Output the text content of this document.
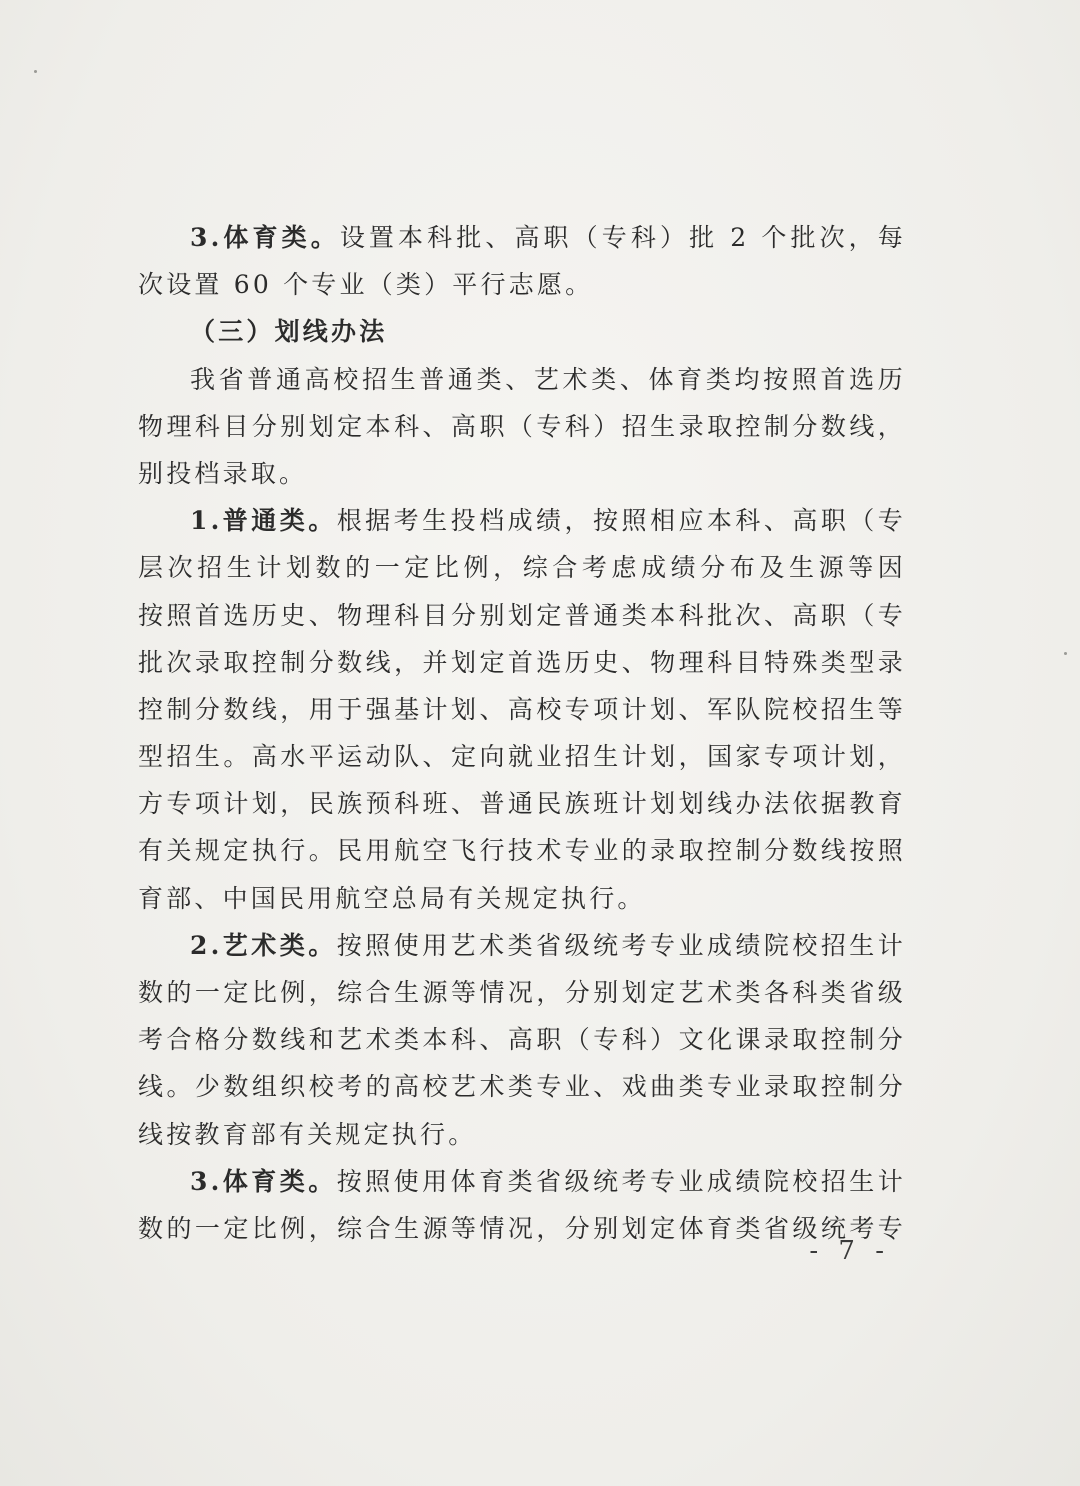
3.体育类。设置本科批、高职（专科）批 2 个批次，每
次设置 60 个专业（类）平行志愿。
（三）划线办法
我省普通高校招生普通类、艺术类、体育类均按照首选历
物理科目分别划定本科、高职（专科）招生录取控制分数线，
别投档录取。
1.普通类。根据考生投档成绩，按照相应本科、高职（专
层次招生计划数的一定比例，综合考虑成绩分布及生源等因
按照首选历史、物理科目分别划定普通类本科批次、高职（专
批次录取控制分数线，并划定首选历史、物理科目特殊类型录
控制分数线，用于强基计划、高校专项计划、军队院校招生等
型招生。高水平运动队、定向就业招生计划，国家专项计划，
方专项计划，民族预科班、普通民族班计划划线办法依据教育
有关规定执行。民用航空飞行技术专业的录取控制分数线按照
育部、中国民用航空总局有关规定执行。
2.艺术类。按照使用艺术类省级统考专业成绩院校招生计
数的一定比例，综合生源等情况，分别划定艺术类各科类省级
考合格分数线和艺术类本科、高职（专科）文化课录取控制分
线。少数组织校考的高校艺术类专业、戏曲类专业录取控制分
线按教育部有关规定执行。
3.体育类。按照使用体育类省级统考专业成绩院校招生计
数的一定比例，综合生源等情况，分别划定体育类省级统考专
- 7 -
